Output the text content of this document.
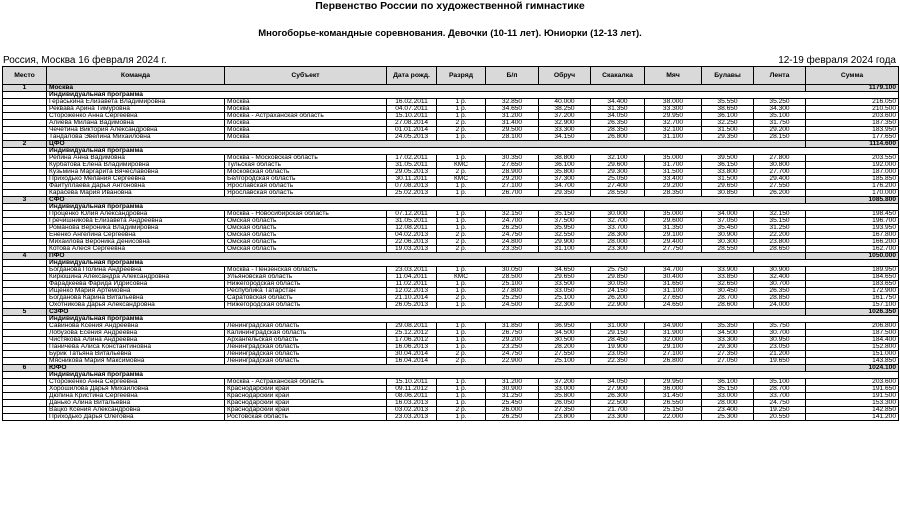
Первенство России по художественной гимнастике
Многоборье-командные соревнования. Девочки (10-11 лет). Юниорки (12-13 лет).
Россия, Москва 16 февраля 2024 г.	12-19 февраля 2024 года
Место	Команда	Субъект	Дата рожд.	Разряд	Б/п	Обруч	Скакалка	Мяч	Булавы	Лента	Сумма
1	Москва										1179.100
	Индивидуальная программа										
	Гераськина Елизавета Владимировна	Москва	16.02.2011	1 р.	32.850	40.000	34.400	38.000	35.550	35.250	216.050
	Реквава Арина Тимуровна	Москва	04.07.2011	1 р.	34.650	38.250	31.350	33.300	38.650	34.300	210.500
	Стороженко Анна Сергеевна	Москва - Астраханская область	15.10.2011	1 р.	31.200	37.200	34.050	29.950	36.100	35.100	203.600
	Алиева Милана Вадимовна	Москва	27.08.2014	2 р.	31.400	32.900	26.350	32.700	32.250	31.750	187.350
	Чечетина Виктория Александровна	Москва	01.01.2014	2 р.	29.500	33.300	28.350	32.100	31.500	29.200	183.950
	Тандалова Эвелина Михайловна	Москва	24.05.2013	1 р.	28.100	34.150	26.800	31.100	29.350	28.150	177.650
2	ЦФО										1114.600
	Индивидуальная программа										
	Репина Анна Вадимовна	Москва - Московская область	17.02.2011	1 р.	30.350	38.800	32.100	35.000	39.500	27.800	203.550
	Курбатова Елена Владимировна	Тульская область	31.05.2011	КМС	27.650	36.100	29.600	31.700	36.150	30.800	192.000
	Кузьмина Маргарита Вячеславовна	Московская область	29.05.2013	2 р.	28.900	35.800	29.300	31.500	33.800	27.700	187.000
	Приходько Мелания Сергеевна	Белгородская область	30.11.2011	КМС	29.200	37.300	25.050	33.400	31.500	29.400	185.850
	Файтуллаева Дарья Антоновна	Ярославская область	07.08.2013	1 р.	27.100	34.700	27.400	29.200	29.650	27.550	176.200
	Карасева Мария Ивановна	Ярославская область	25.02.2013	1 р.	26.700	29.350	28.550	28.350	30.850	26.200	170.000
3	СФО										1085.800
	Индивидуальная программа										
	Проценко Юлия Александровна	Москва - Новосибирская область	07.12.2011	1 р.	32.150	35.150	30.000	35.000	34.000	32.150	198.450
	Гречишникова Елизавета Андреевна	Омская область	31.05.2011	1 р.	24.700	37.500	32.700	29.600	37.050	35.150	196.700
	Романова Вероника Владимировна	Омская область	12.08.2011	1 р.	26.250	35.950	33.700	31.350	35.450	31.250	193.950
	Ененко Ангелина Сергеевна	Омская область	04.02.2013	2 р.	24.750	32.550	28.300	29.100	30.900	22.200	167.800
	Михайлова Вероника Денисовна	Омская область	22.06.2013	2 р.	24.800	29.900	28.000	29.400	30.300	23.800	166.200
	Котова Алеся Сергеевна	Омская область	19.03.2013	2 р.	23.350	31.100	23.300	27.750	28.550	28.650	162.700
4	ПФО										1050.000
	Индивидуальная программа										
	Богданова Полина Андреевна	Москва - Пензенская область	23.03.2011	1 р.	30.050	34.650	25.750	34.700	33.900	30.900	189.950
	Кирюшина Александра Александровна	Ульяновская область	11.04.2011	КМС	28.500	29.650	29.850	30.400	33.850	32.400	184.650
	Фарадкеева Фарида Идрисовна	Нижегородская область	11.02.2011	1 р.	25.100	33.500	30.050	31.650	32.650	30.700	183.650
	Ищенко Мария Артемовна	Республика Татарстан	12.02.2013	1 р.	27.800	33.050	24.150	31.100	30.450	26.350	172.900
	Богданова Карина Витальевна	Саратовская область	21.10.2014	2 р.	25.250	25.100	26.200	27.650	28.700	28.850	161.750
	Охотникова Дарья Александровна	Нижегородская область	26.05.2013	1 р.	24.500	32.300	22.900	24.650	28.600	24.000	157.100
5	СЗФО										1026.350
	Индивидуальная программа										
	Савинова Ксения Андреевна	Ленинградская область	29.08.2011	1 р.	31.850	36.950	31.000	34.900	35.350	35.750	206.800
	Лобузова Есения Андреевна	Калининградская область	25.12.2012	1 р.	26.750	34.500	29.150	31.900	34.500	30.700	187.500
	Чистякова Алина Андреевна	Архангельская область	17.06.2012	1 р.	29.200	30.500	28.450	32.000	33.300	30.950	184.400
	Паничева Алиса Константиновна	Ленинградская область	16.06.2013	1 р.	23.250	28.200	19.900	29.100	29.300	23.050	152.800
	Бурик Татьяна Витальевна	Ленинградская область	30.04.2014	2 р.	24.750	27.550	23.050	27.100	27.350	21.200	151.000
	Мясникова Мария Максимовна	Ленинградская область	16.04.2014	2 р.	22.900	25.100	22.350	26.800	27.050	19.650	143.850
6	ЮФО										1024.100
	Индивидуальная программа										
	Стороженко Анна Сергеевна	Москва - Астраханская область	15.10.2011	1 р.	31.200	37.200	34.050	29.950	36.100	35.100	203.600
	Хорошилова Дарья Михайловна	Краснодарский край	09.11.2012	1 р.	30.900	33.000	27.900	36.000	35.150	28.700	191.650
	Дюпина Кристина Сергеевна	Краснодарский край	08.06.2011	1 р.	31.250	35.800	26.300	31.450	33.000	33.700	191.500
	Данько Алина Витальевна	Краснодарский край	16.03.2013	1 р.	25.450	26.050	22.500	26.550	28.000	24.750	153.300
	Вацко Ксения Александровна	Краснодарский край	03.02.2013	2 р.	26.000	27.350	21.700	25.150	23.400	19.250	142.850
	Приходько Дарья Олеговна	Ростовская область	23.03.2013	1 р.	26.250	23.800	23.300	22.000	25.300	20.550	141.200
